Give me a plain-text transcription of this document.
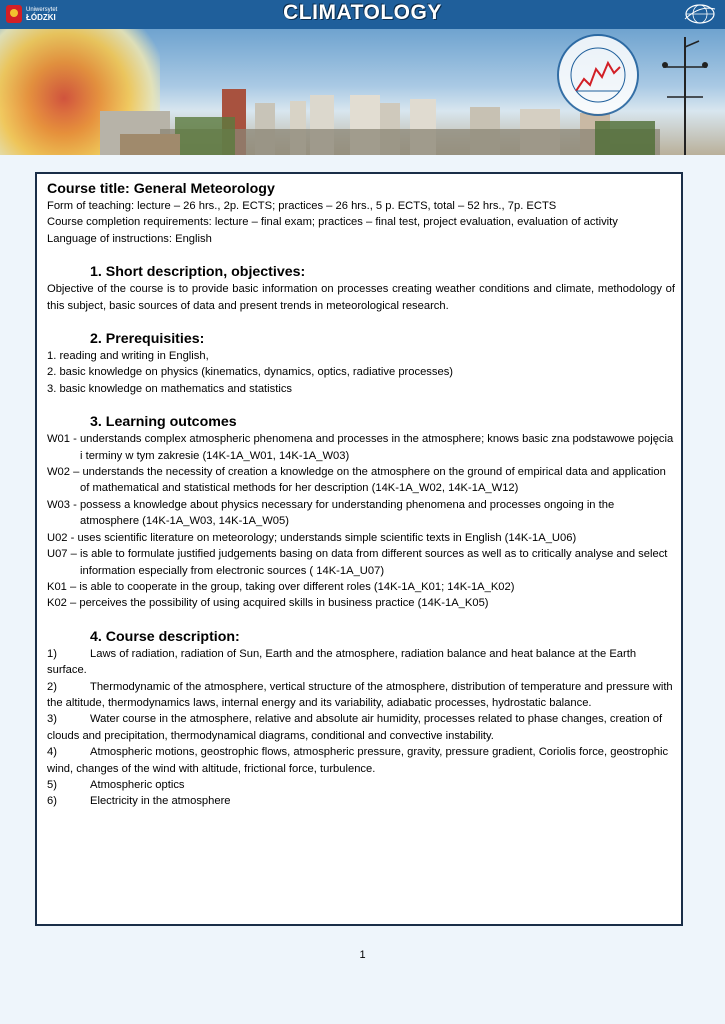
Uniwersytet
ŁÓDZKI	CLIMATOLOGY
Course title: General Meteorology

Form of teaching: lecture – 26 hrs., 2p. ECTS; practices – 26 hrs., 5 p. ECTS, total – 52 hrs., 7p. ECTS

Course completion requirements: lecture – final exam; practices – final test, project evaluation, evaluation of activity

Language of instructions: English

1. Short description, objectives:

Objective of the course is to provide basic information on processes creating weather conditions and climate, methodology of this subject, basic sources of data and present trends in meteorological research.

2. Prerequisities:

1. reading and writing in English,

2. basic knowledge on physics (kinematics, dynamics, optics, radiative processes)

3. basic knowledge on mathematics and statistics

3. Learning outcomes

W01 - understands complex atmospheric phenomena and processes in the atmosphere; knows basic zna podstawowe pojęcia i terminy w tym zakresie (14K-1A_W01, 14K-1A_W03)

W02 – understands the necessity of creation a knowledge on the atmosphere on the ground of empirical data and application of mathematical and statistical methods for her description (14K-1A_W02, 14K-1A_W12)

W03 - possess a knowledge about physics necessary for understanding phenomena and processes ongoing in the atmosphere (14K-1A_W03, 14K-1A_W05)

U02 - uses scientific literature on meteorology; understands simple scientific texts in English (14K-1A_U06)

U07 – is able to formulate justified judgements basing on data from different sources as well as to critically analyse and select information especially from electronic sources ( 14K-1A_U07)

K01 – is able to cooperate in the group, taking over different roles (14K-1A_K01; 14K-1A_K02)

K02 – perceives the possibility of using acquired skills in business practice (14K-1A_K05)

4. Course description:

1)	Laws of radiation, radiation of Sun, Earth and the atmosphere, radiation balance and heat balance at the Earth surface.

2)	Thermodynamic of the atmosphere, vertical structure of the atmosphere, distribution of temperature and pressure with the altitude, thermodynamics laws, internal energy and its variability, adiabatic processes, hydrostatic balance.

3)	Water course in the atmosphere, relative and absolute air humidity, processes related to phase changes, creation of clouds and precipitation, thermodynamical diagrams, conditional and convective instability.

4)	Atmospheric motions, geostrophic flows, atmospheric pressure, gravity, pressure gradient, Coriolis force, geostrophic wind, changes of the wind with altitude, frictional force, turbulence.

5)	Atmospheric optics

6)	Electricity in the atmosphere

1
